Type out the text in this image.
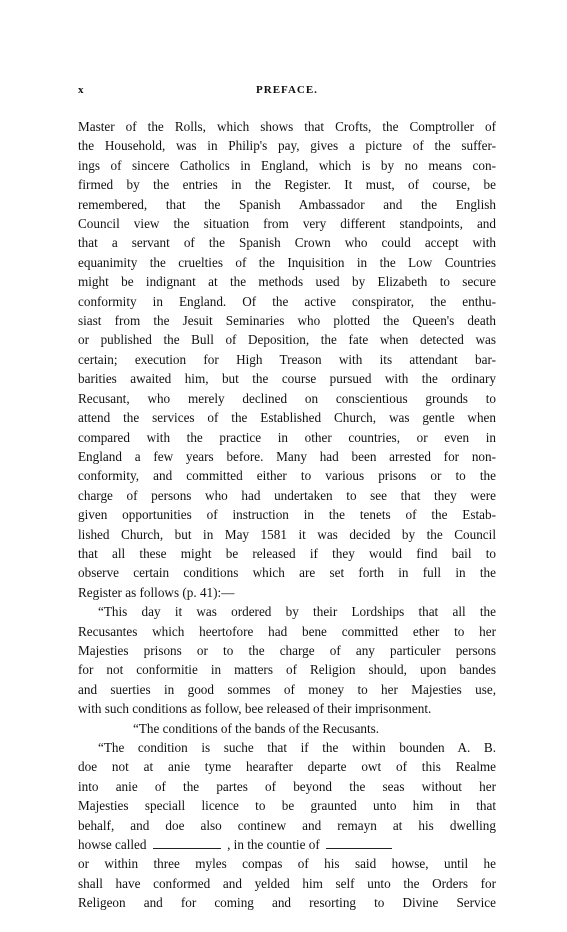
x	PREFACE.
Master of the Rolls, which shows that Crofts, the Comptroller of
the Household, was in Philip's pay, gives a picture of the suffer-
ings of sincere Catholics in England, which is by no means con-
firmed by the entries in the Register. It must, of course, be
remembered, that the Spanish Ambassador and the English
Council view the situation from very different standpoints, and
that a servant of the Spanish Crown who could accept with
equanimity the cruelties of the Inquisition in the Low Countries
might be indignant at the methods used by Elizabeth to secure
conformity in England. Of the active conspirator, the enthu-
siast from the Jesuit Seminaries who plotted the Queen's death
or published the Bull of Deposition, the fate when detected was
certain; execution for High Treason with its attendant bar-
barities awaited him, but the course pursued with the ordinary
Recusant, who merely declined on conscientious grounds to
attend the services of the Established Church, was gentle when
compared with the practice in other countries, or even in
England a few years before. Many had been arrested for non-
conformity, and committed either to various prisons or to the
charge of persons who had undertaken to see that they were
given opportunities of instruction in the tenets of the Estab-
lished Church, but in May 1581 it was decided by the Council
that all these might be released if they would find bail to
observe certain conditions which are set forth in full in the
Register as follows (p. 41):—
“This day it was ordered by their Lordships that all the
Recusantes which heertofore had bene committed ether to her
Majesties prisons or to the charge of any particuler persons
for not conformitie in matters of Religion should, upon bandes
and suerties in good sommes of money to her Majesties use,
with such conditions as follow, bee released of their imprisonment.
“The conditions of the bands of the Recusants.
“The condition is suche that if the within bounden A. B.
doe not at anie tyme hearafter departe owt of this Realme
into anie of the partes of beyond the seas without her
Majesties speciall licence to be graunted unto him in that
behalf, and doe also continew and remayn at his dwelling
howse called	, in the countie of
or within three myles compas of his said howse, until he
shall have conformed and yelded him self unto the Orders for
Religeon and for coming and resorting to Divine Service
